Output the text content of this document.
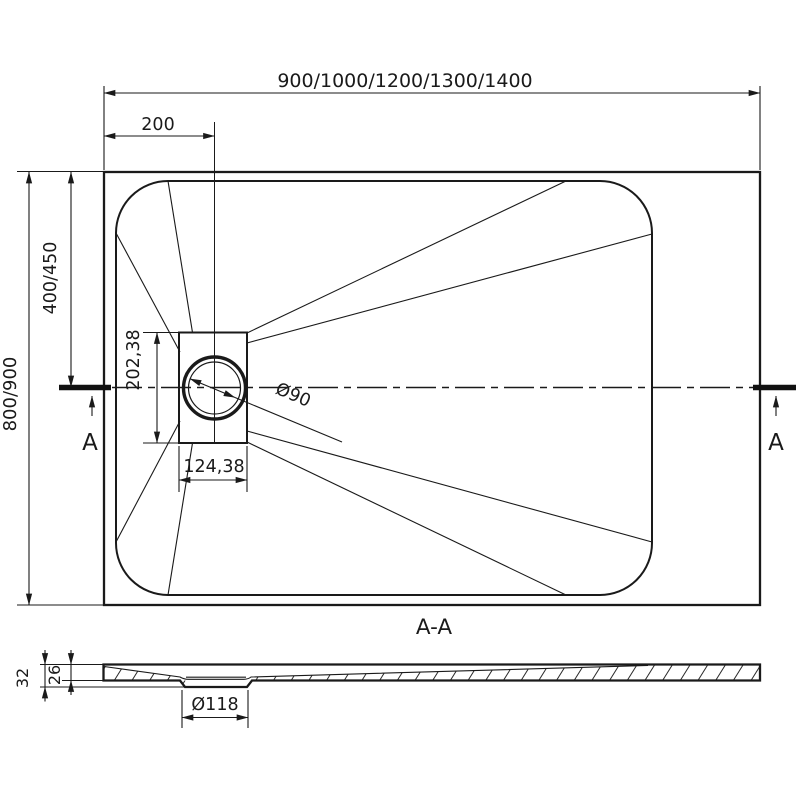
A	A
900/1000/1200/1300/1400
200
800/900
400/450
202,38
124,38
Ø90
A-A
32 26
Ø118
